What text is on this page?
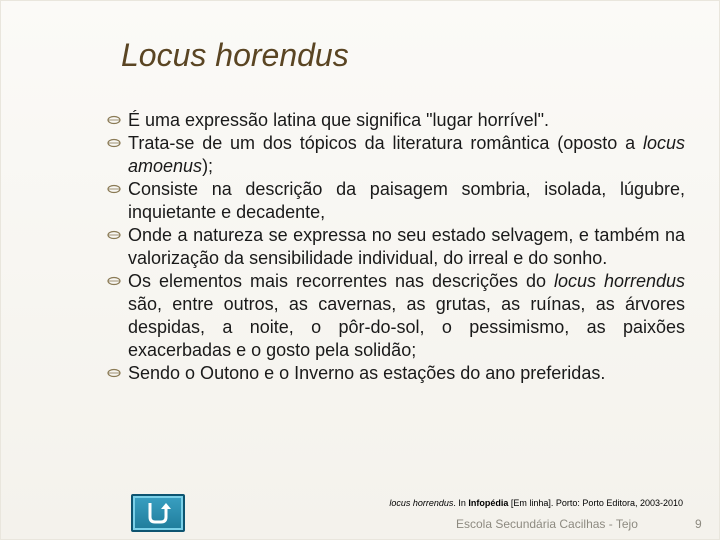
Locus horendus
É uma expressão latina que significa "lugar horrível".
Trata-se de um dos tópicos da literatura romântica (oposto a locus amoenus);
Consiste na descrição da paisagem sombria, isolada, lúgubre, inquietante e decadente,
Onde a natureza se expressa no seu estado selvagem, e também na valorização da sensibilidade individual, do irreal e do sonho.
Os elementos mais recorrentes nas descrições do locus horrendus são, entre outros, as cavernas, as grutas, as ruínas, as árvores despidas, a noite, o pôr-do-sol, o pessimismo, as paixões exacerbadas e o gosto pela solidão;
Sendo o Outono e o Inverno as estações do ano preferidas.
locus horrendus. In Infopédia [Em linha]. Porto: Porto Editora, 2003-2010
Escola Secundária Cacilhas - Tejo	9
